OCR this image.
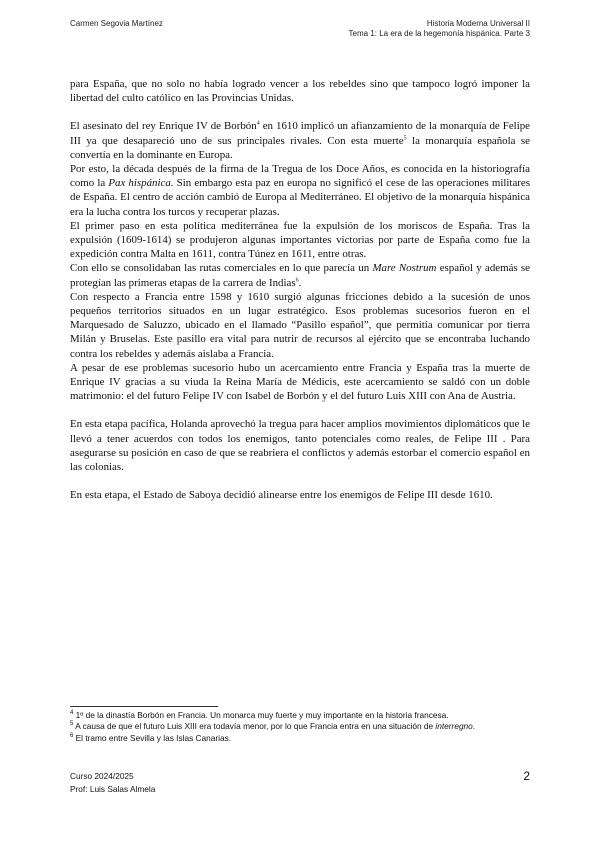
Carmen Segovia Martínez	Historia Moderna Universal II
Tema 1: La era de la hegemonía hispánica. Parte 3

para España, que no solo no había logrado vencer a los rebeldes sino que tampoco logró imponer la libertad del culto católico en las Provincias Unidas.

El asesinato del rey Enrique IV de Borbón$^4$ en 1610 implicó un afianzamiento de la monarquía de Felipe III ya que desapareció uno de sus principales rivales. Con esta muerte$^5$ la monarquía española se convertía en la dominante en Europa.

Por esto, la década después de la firma de la Tregua de los Doce Años, es conocida en la historiografía como la Pax hispánica. Sin embargo esta paz en europa no significó el cese de las operaciones militares de España. El centro de acción cambió de Europa al Mediterráneo. El objetivo de la monarquía hispánica era la lucha contra los turcos y recuperar plazas.

El primer paso en esta política mediterránea fue la expulsión de los moriscos de España. Tras la expulsión (1609-1614) se produjeron algunas importantes victorias por parte de España como fue la expedición contra Malta en 1611, contra Túnez en 1611, entre otras.

Con ello se consolidaban las rutas comerciales en lo que parecía un Mare Nostrum español y además se protegían las primeras etapas de la carrera de Indias$^6$.

Con respecto a Francia entre 1598 y 1610 surgió algunas fricciones debido a la sucesión de unos pequeños territorios situados en un lugar estratégico. Esos problemas sucesorios fueron en el Marquesado de Saluzzo, ubicado en el llamado “Pasillo español”, que permitía comunicar por tierra Milán y Bruselas. Este pasillo era vital para nutrir de recursos al ejército que se encontraba luchando contra los rebeldes y además aislaba a Francia.

A pesar de ese problemas sucesorio hubo un acercamiento entre Francia y España tras la muerte de Enrique IV gracias a su viuda la Reina María de Médicis, este acercamiento se saldó con un doble matrimonio: el del futuro Felipe IV con Isabel de Borbón y el del futuro Luis XIII con Ana de Austria.

En esta etapa pacífica, Holanda aprovechó la tregua para hacer amplios movimientos diplomáticos que le llevó a tener acuerdos con todos los enemigos, tanto potenciales como reales, de Felipe III . Para asegurarse su posición en caso de que se reabriera el conflictos y además estorbar el comercio español en las colonias.

En esta etapa, el Estado de Saboya decidió alinearse entre los enemigos de Felipe III desde 1610.

$^4$ 1º de la dinastía Borbón en Francia. Un monarca muy fuerte y muy importante en la historia francesa.

$^5$ A causa de que el futuro Luis XIII era todavía menor, por lo que Francia entra en una situación de interregno.

$^6$ El tramo entre Sevilla y las Islas Canarias.

Curso 2024/2025
Prof: Luis Salas Almela
2
